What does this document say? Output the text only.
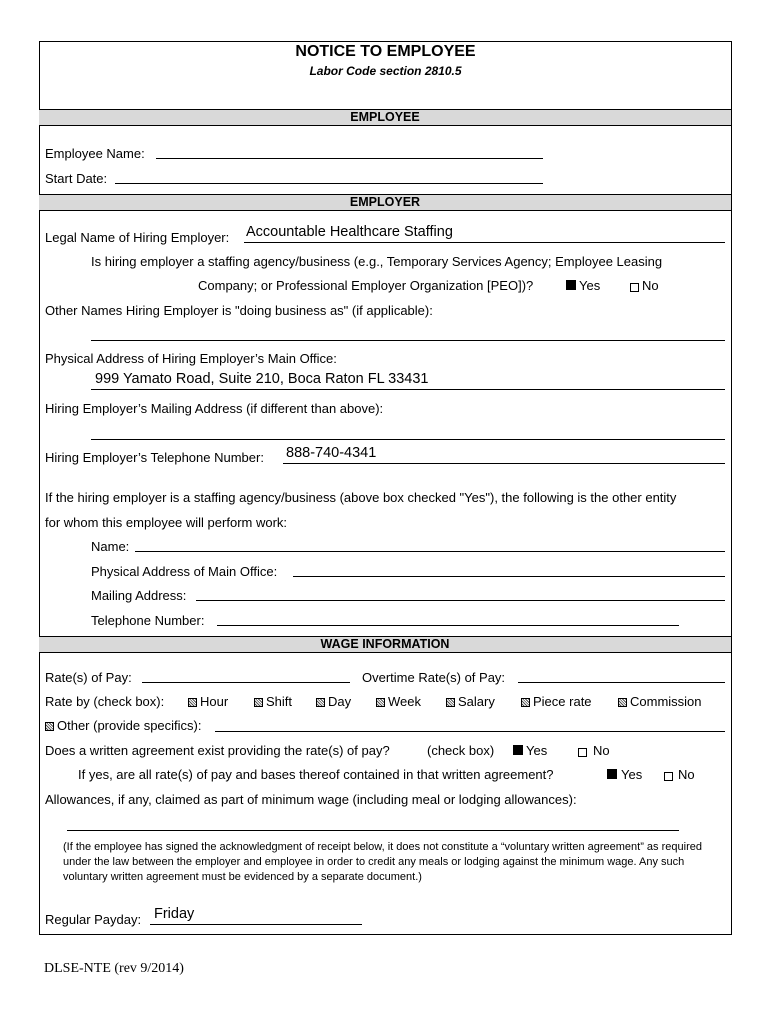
NOTICE TO EMPLOYEE
Labor Code section 2810.5
EMPLOYEE
Employee Name:
Start Date:
EMPLOYER
Legal Name of Hiring Employer: Accountable Healthcare Staffing
Is hiring employer a staffing agency/business (e.g., Temporary Services Agency; Employee Leasing
Company; or Professional Employer Organization [PEO])?	Yes	No
Other Names Hiring Employer is "doing business as" (if applicable):
Physical Address of Hiring Employer’s Main Office:
999 Yamato Road, Suite 210, Boca Raton FL 33431
Hiring Employer’s Mailing Address (if different than above):
Hiring Employer’s Telephone Number: 888-740-4341
If the hiring employer is a staffing agency/business (above box checked "Yes"), the following is the other entity
for whom this employee will perform work:
Name:
Physical Address of Main Office:
Mailing Address:
Telephone Number:
WAGE INFORMATION
Rate(s) of Pay:	Overtime Rate(s) of Pay:
Rate by (check box):	Hour	Shift	Day	Week	Salary	Piece rate	Commission
Other (provide specifics):
Does a written agreement exist providing the rate(s) of pay?	(check box) Yes	No
If yes, are all rate(s) of pay and bases thereof contained in that written agreement?	Yes	No
Allowances, if any, claimed as part of minimum wage (including meal or lodging allowances):
(If the employee has signed the acknowledgment of receipt below, it does not constitute a “voluntary written agreement” as required under the law between the employer and employee in order to credit any meals or lodging against the minimum wage. Any such voluntary written agreement must be evidenced by a separate document.)
Regular Payday: Friday
DLSE-NTE (rev 9/2014)
